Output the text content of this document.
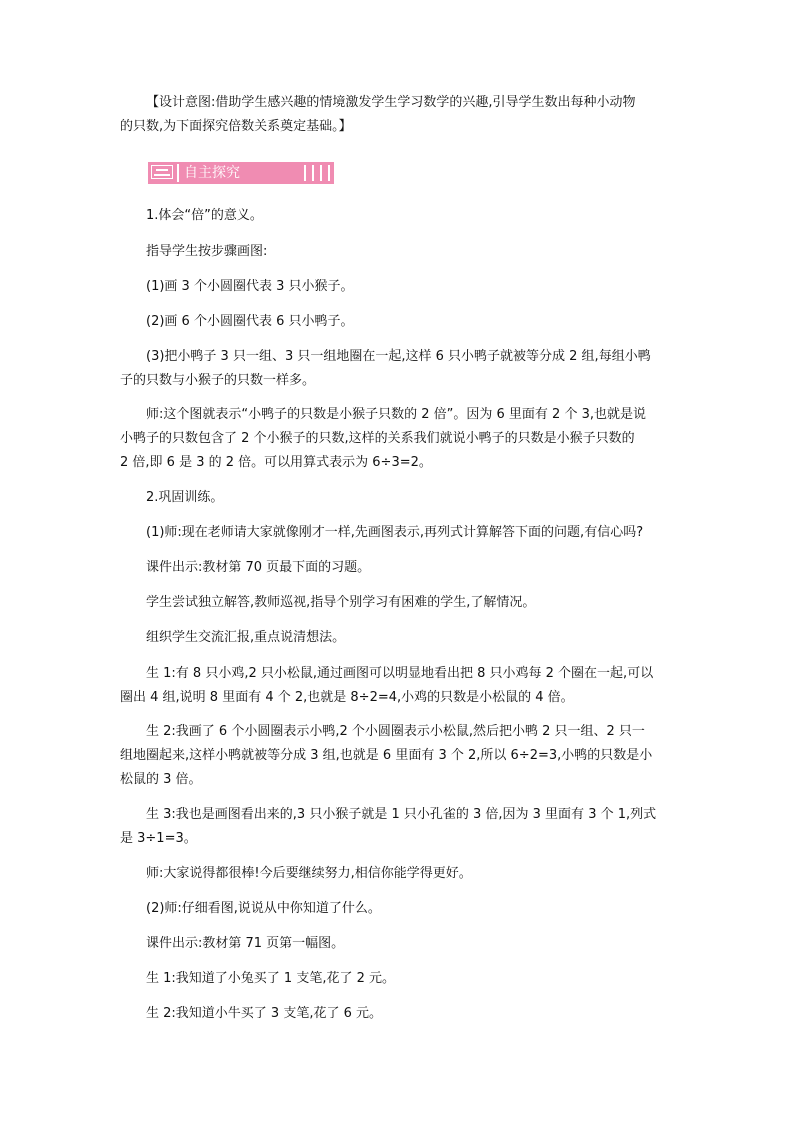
【设计意图:借助学生感兴趣的情境激发学生学习数学的兴趣,引导学生数出每种小动物

的只数,为下面探究倍数关系奠定基础。】

自主探究

1.体会“倍”的意义。

指导学生按步骤画图:

(1)画 3 个小圆圈代表 3 只小猴子。

(2)画 6 个小圆圈代表 6 只小鸭子。

(3)把小鸭子 3 只一组、3 只一组地圈在一起,这样 6 只小鸭子就被等分成 2 组,每组小鸭

子的只数与小猴子的只数一样多。

师:这个图就表示“小鸭子的只数是小猴子只数的 2 倍”。因为 6 里面有 2 个 3,也就是说

小鸭子的只数包含了 2 个小猴子的只数,这样的关系我们就说小鸭子的只数是小猴子只数的

2 倍,即 6 是 3 的 2 倍。可以用算式表示为 6÷3=2。

2.巩固训练。

(1)师:现在老师请大家就像刚才一样,先画图表示,再列式计算解答下面的问题,有信心吗?

课件出示:教材第 70 页最下面的习题。

学生尝试独立解答,教师巡视,指导个别学习有困难的学生,了解情况。

组织学生交流汇报,重点说清想法。

生 1:有 8 只小鸡,2 只小松鼠,通过画图可以明显地看出把 8 只小鸡每 2 个圈在一起,可以

圈出 4 组,说明 8 里面有 4 个 2,也就是 8÷2=4,小鸡的只数是小松鼠的 4 倍。

生 2:我画了 6 个小圆圈表示小鸭,2 个小圆圈表示小松鼠,然后把小鸭 2 只一组、2 只一

组地圈起来,这样小鸭就被等分成 3 组,也就是 6 里面有 3 个 2,所以 6÷2=3,小鸭的只数是小

松鼠的 3 倍。

生 3:我也是画图看出来的,3 只小猴子就是 1 只小孔雀的 3 倍,因为 3 里面有 3 个 1,列式

是 3÷1=3。

师:大家说得都很棒!今后要继续努力,相信你能学得更好。

(2)师:仔细看图,说说从中你知道了什么。

课件出示:教材第 71 页第一幅图。

生 1:我知道了小兔买了 1 支笔,花了 2 元。

生 2:我知道小牛买了 3 支笔,花了 6 元。
